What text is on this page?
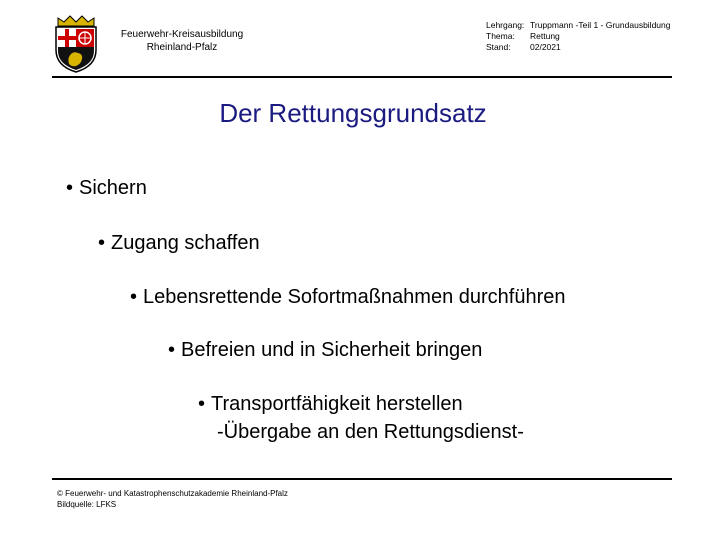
Feuerwehr-Kreisausbildung
Rheinland-Pfalz
Lehrgang: Truppmann -Teil 1 - Grundausbildung
Thema: Rettung
Stand: 02/2021
Der Rettungsgrundsatz
• Sichern
• Zugang schaffen
• Lebensrettende Sofortmaßnahmen durchführen
• Befreien und in Sicherheit bringen
• Transportfähigkeit herstellen
-Übergabe an den Rettungsdienst-
© Feuerwehr- und Katastrophenschutzakademie Rheinland-Pfalz
Bildquelle: LFKS
